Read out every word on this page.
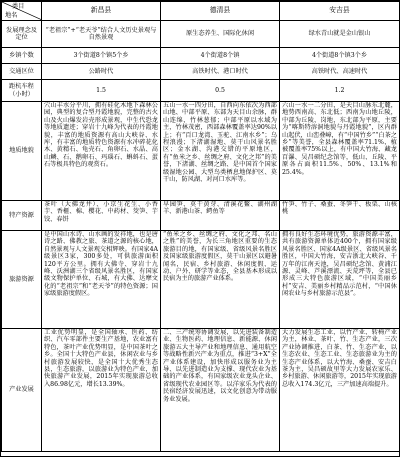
类目
地名	新昌县	德清县	安吉县
发展理念及定位	“老祖宗”+“老天爷”结合人文历史景观与自然景观	原生态养生、国际化休闲	绿水青山就是金山银山
乡镇个数	3个街道8个镇5个乡	4个街道8个镇	4个街道8个镇3个乡
交通区位	公路时代	高铁时代、港口时代	高铁时代、高速时代
距杭车程（小时）	1.5	0.5	1.2
地质地貌	穴山丰水分平川，拥有硅化木地下森林公园，典型的复合型丹霞地貌，完整的古火山及火山爆发岩壳形成景观，中生代恐龙等地质遗迹；穿岩十九峰为代表的丹霞地貌，丰富的地质资源有高山大峡谷、水库，有丰富的地质特色资源有水冲碎花化木、黄精石、龟壳石、角卵石、水晶、高山鳞、石、鹅卵石、玛瑙石、蝌蚪石、蛋石等极具特色的观赏石。	五山一水一四分田，自西向东依次为西部山地、中部平原、东部为天目山余脉，群山连绵，竹林葱郁；中部平原以水域为主，竹林茂密，西部森林覆盖率达90%以上；有“百口龙湾、玉驼、江南水乡”；乌程浪漫；下渚湖湿地、莫干山风景名胜区；金水湖、沟港交错的平原地区，有“鱼米之乡、丝绸之府、文化之邦”的美誉，下渚湖、丝绸之路、是中国首个国家级湿地公园、大型鸟类栖息地保护区、莫干山，防风湖、对河口水库等。	六山一水一二分田，是天目山脉东北麓，地势西南高、东北低；西南为山地丘陵，中部为丘陵、岗地，东北部为平原，主要为“喀斯特溶洞地貌与丹霞地貌”，区内群山起伏，山峦叠嶂，有“中国竹乡”“白茶之乡”等美誉，全县森林覆盖率71.1%，植被覆盖率75%以上，有中国大竹海、藏龙百瀑、吴昌硕纪念馆等，低山、丘陵、平原各占面积11.5%、50%、13.1%和25.4%。
特产资源	茶叶（大佛龙井）、小京生花生、小香芋、香榧、棉、樱花、中药材、茭笋、芋饺、春饼	早园笋、莫干黄芽、清溪花鳖、湖州湖羊、新港山茶、鳄鱼等	竹笋、竹子、桑蚕、冬笋干、板栗、山核桃
旅游资源	是中国山水诗、山水画的发祥地，也是唐诗之路、佛教之旅、茶道之源的核心地，自然景观与人文景观交相辉映。有国家4A级景区3家，300多处，可供旅游面积120平方公里。拥有大佛寺、穿岩十九峰、沃洲湖三个省级风景名胜区，有国家级文物保护单位、石城，有大佛、达摩文化的“老祖宗”和“老天爷”的特色资源；国家级旅游度假区。	“鱼米之乡、丝绸之府、文化之邦、名山之胜”的美誉，为长三角地区重要的生态旅游目的地，有国家级、省级风景名胜区及国家级旅游度假区，莫干山景区以避暑闻名，民宿、乡村旅游、休闲度假、运动、户外、研学等业态，全县基本形成以民宿为主的旅游产业体系。	拥有良好生态环境优势，旅游资源丰富，共有旅游资源单体近400个，拥有国家级风景名胜区、国家4A级景区、省级风景名胜区，中国大竹海，安吉浙北大峡谷、千万年的江南天池，吴昌硕纪念馆、黄浦江源、灵峰、芦溪漂流、天荒坪等，全县已形成三大特色旅游区域，“中国美丽乡村”安吉、美丽乡村精品示范村，“中国休闲农业与乡村旅游示范县”。
产业发展	工业优势明显，是全国轴承、医药、纺织、汽车零部件主要生产基地，农业富有特色，茶叶产业优势明显，是中国茶叶之乡。全国十大特色产业县，休闲农业与乡村旅游发展较快，是全国十大优秀生态县，生态旅游，以旅游业为特色产业，加快旅游产业发展，2015年实现旅游总收入86.98亿元，增长13.39%。	二、三产统筹协调发展，以先进装备制造业、生物医药、地理信息、新能源、休闲旅游五大主导产业和地理信息、通用航空等战略性新兴产业为重点，推进“3+X”全产业体系建设，加快形成以服务业为主导、以先进制造业为支撑、现代农业为基础的产业体系，有国家级农业龙头企业、省级现代农业园区等。以洋家乐为代表的民宿经济发展迅速，以文化创意为带动服务业发展。	大力发展生态工业，以竹产业、转椅产业为主，林业、茶叶、竹、生态产业，三次产业协调推进，白茶、竹、生态产业，以生态农业、生态工业、生态旅游业为主的生态产业体系，以大竹海、桑蚕、安吉白茶为主，吴昌硕故里等大力发展农家乐、乡村旅游、休闲旅游等，2015年实现旅游总收入174.3亿元，三产加速高端提升。
